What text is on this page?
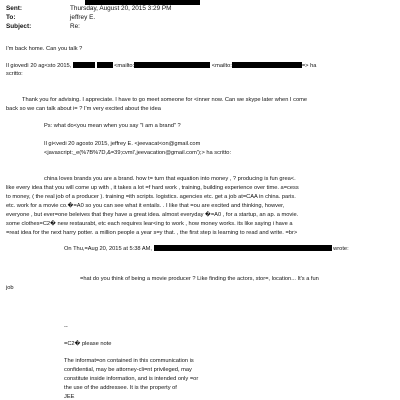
Sent:	Thursday, August 20, 2015 3:29 PM
To:	jeffrey E.
Subject:	Re:
I'm back home. Can you talk ?
Il giovedì 20 ag<sto 2015,	<mailto:	<mailto:	=> ha
scritto:
Thank you for advising. I appreciate. I have to go meet someone for <inner now. Can we skype later when I come
back so we can talk about i= ? I'm very excited about the idea
Ps: what do<you mean when you say "I am a brand" ?
Il gi<vedi 20 agosto 2015, jeffrey E. <jeevacat<on@gmail.com
<javascript:_e(%7B%7D,&=39;cvml',jeevacation@gmail.com');> ha scritto:
china loves brands you are a brand. how t= turn that equation into money , ? producing is fun grea<.
like every idea that you will come up with , it takes a lot =f hard work , training, building experience over time. a=cess
to money, ( the real job of a producer ). training =ith scripts. logistics. agencies etc. get a job at=CAA in china. paris.
etc. work for a movie co.�=A0 so you can see what it entails. . I like that =ou are excited and thinking, howver,
everyone , but ever=one beleives that they have a great idea. almost everyday �=A0 , for a startup, an ap. a movie.
some clothes=C2� new restaurabt, etc each requires lear<ing to work , how money works. its like saying i have a
=reat idea for the next harry potter. a million people a year s=y that. , the first step is learning to read and write. =br>
On Thu,=Aug 20, 2015 at 5:38 AM,	wrote:
=hat do you think of being a movie producer ? Like finding the actors, stor=, location... It's a fun
job
--
=C2� please note
The informat=on contained in this communication is
confidential, may be attorney-cli=nt privileged, may
constitute inside information, and is intended only =or
the use of the addressee. It is the property of
JEE
